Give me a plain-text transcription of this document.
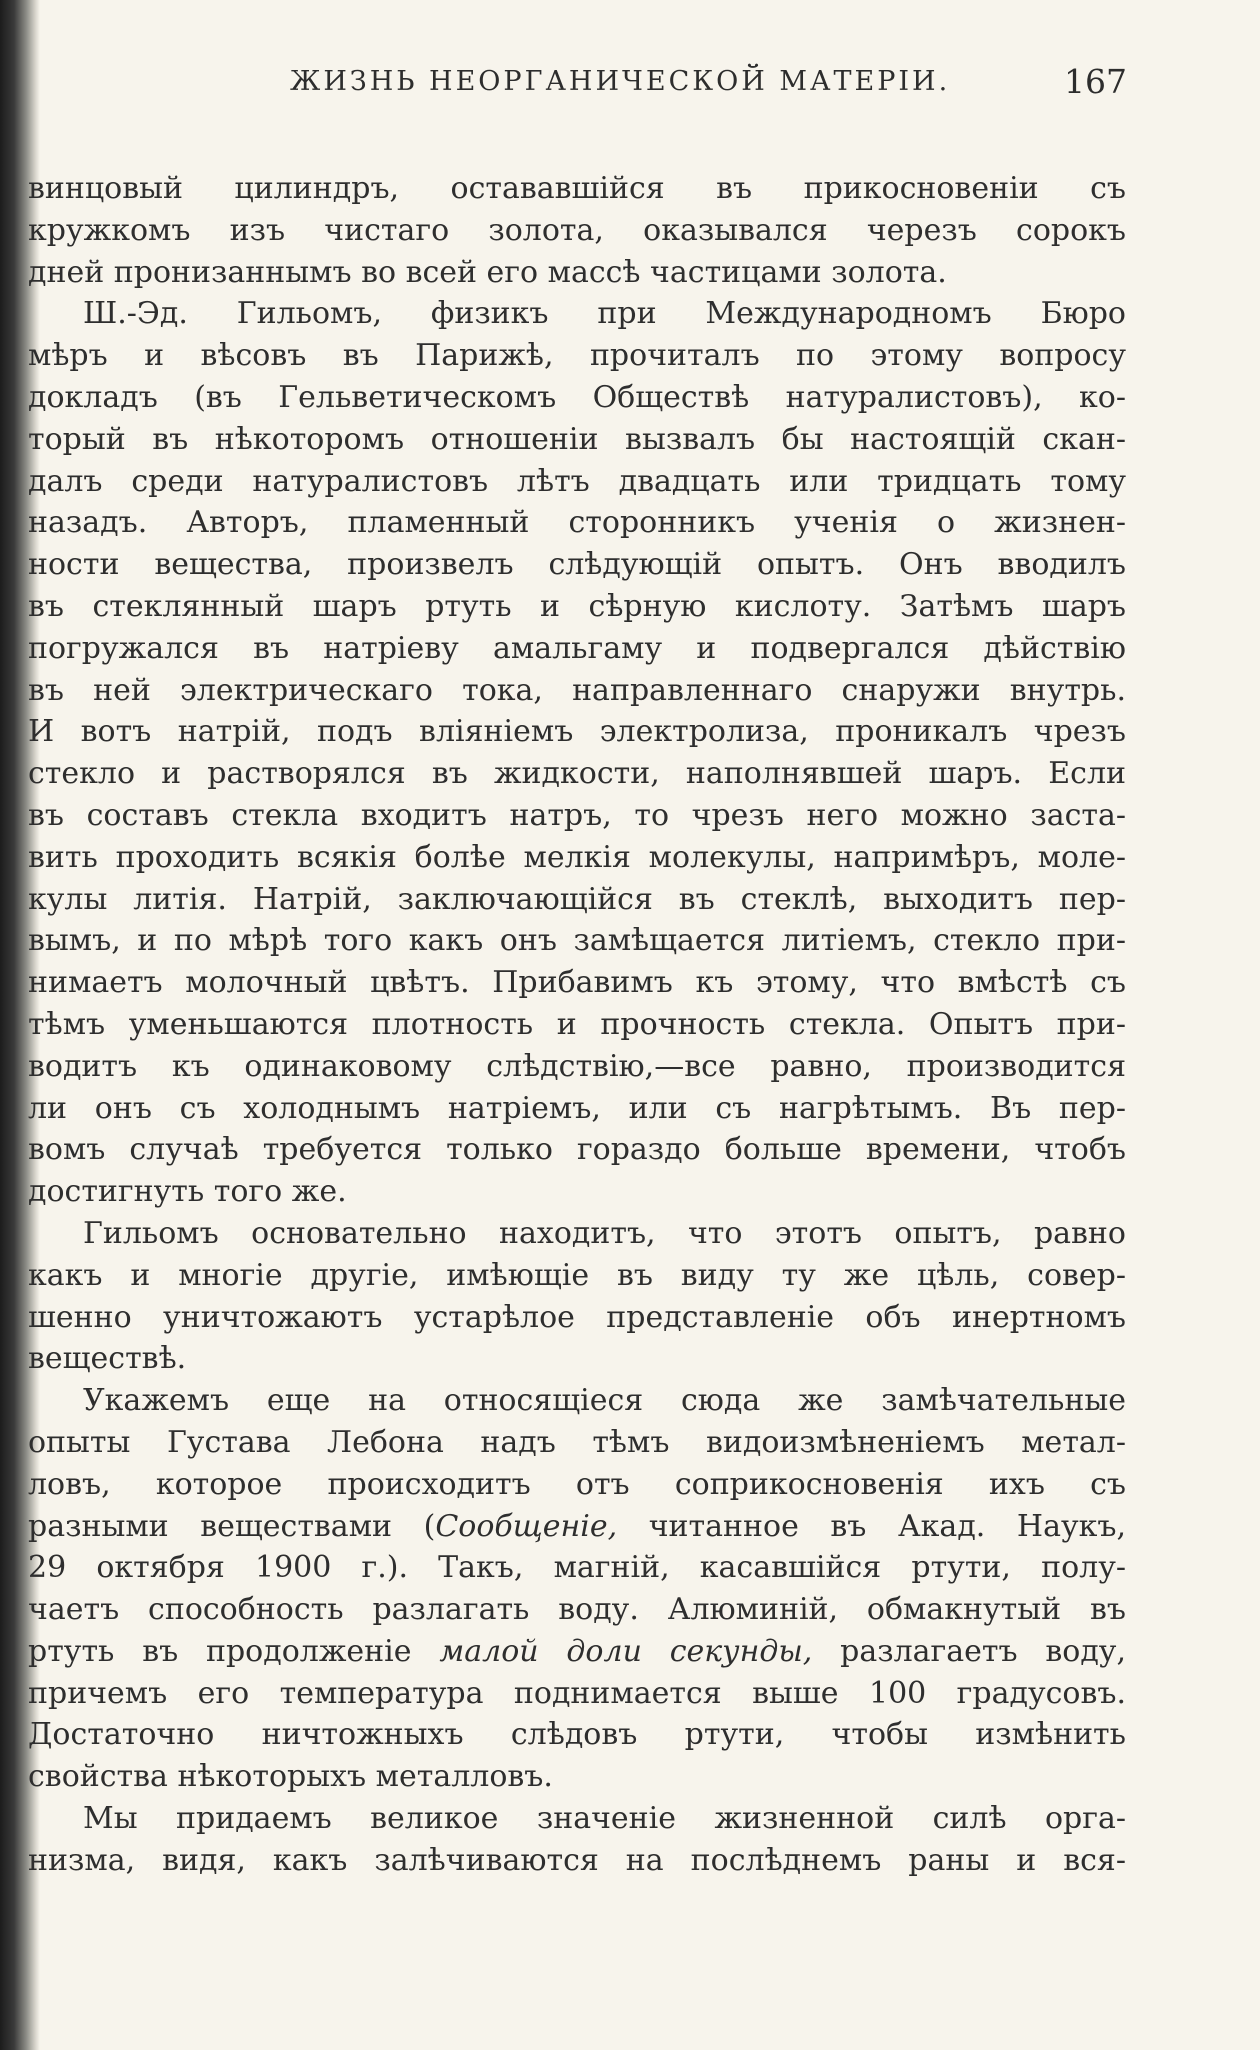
ЖИЗНЬ НЕОРГАНИЧЕСКОЙ МАТЕРІИ.	167
винцовый цилиндръ, остававшійся въ прикосновеніи съ
кружкомъ изъ чистаго золота, оказывался черезъ сорокъ
дней пронизаннымъ во всей его массѣ частицами золота.
Ш.-Эд. Гильомъ, физикъ при Международномъ Бюро
мѣръ и вѣсовъ въ Парижѣ, прочиталъ по этому вопросу
докладъ (въ Гельветическомъ Обществѣ натуралистовъ), ко-
торый въ нѣкоторомъ отношеніи вызвалъ бы настоящій скан-
далъ среди натуралистовъ лѣтъ двадцать или тридцать тому
назадъ. Авторъ, пламенный сторонникъ ученія о жизнен-
ности вещества, произвелъ слѣдующій опытъ. Онъ вводилъ
въ стеклянный шаръ ртуть и сѣрную кислоту. Затѣмъ шаръ
погружался въ натріеву амальгаму и подвергался дѣйствію
въ ней электрическаго тока, направленнаго снаружи внутрь.
И вотъ натрій, подъ вліяніемъ электролиза, проникалъ чрезъ
стекло и растворялся въ жидкости, наполнявшей шаръ. Если
въ составъ стекла входитъ натръ, то чрезъ него можно заста-
вить проходить всякія болѣе мелкія молекулы, напримѣръ, моле-
кулы литія. Натрій, заключающійся въ стеклѣ, выходитъ пер-
вымъ, и по мѣрѣ того какъ онъ замѣщается литіемъ, стекло при-
нимаетъ молочный цвѣтъ. Прибавимъ къ этому, что вмѣстѣ съ
тѣмъ уменьшаются плотность и прочность стекла. Опытъ при-
водитъ къ одинаковому слѣдствію,—все равно, производится
ли онъ съ холоднымъ натріемъ, или съ нагрѣтымъ. Въ пер-
вомъ случаѣ требуется только гораздо больше времени, чтобъ
достигнуть того же.
Гильомъ основательно находитъ, что этотъ опытъ, равно
какъ и многіе другіе, имѣющіе въ виду ту же цѣль, совер-
шенно уничтожаютъ устарѣлое представленіе объ инертномъ
веществѣ.
Укажемъ еще на относящіеся сюда же замѣчательные
опыты Густава Лебона надъ тѣмъ видоизмѣненіемъ метал-
ловъ, которое происходитъ отъ соприкосновенія ихъ съ
разными веществами (Сообщеніе, читанное въ Акад. Наукъ,
29 октября 1900 г.). Такъ, магній, касавшійся ртути, полу-
чаетъ способность разлагать воду. Алюминій, обмакнутый въ
ртуть въ продолженіе малой доли секунды, разлагаетъ воду,
причемъ его температура поднимается выше 100 градусовъ.
Достаточно ничтожныхъ слѣдовъ ртути, чтобы измѣнить
свойства нѣкоторыхъ металловъ.
Мы придаемъ великое значеніе жизненной силѣ орга-
низма, видя, какъ залѣчиваются на послѣднемъ раны и вся-
